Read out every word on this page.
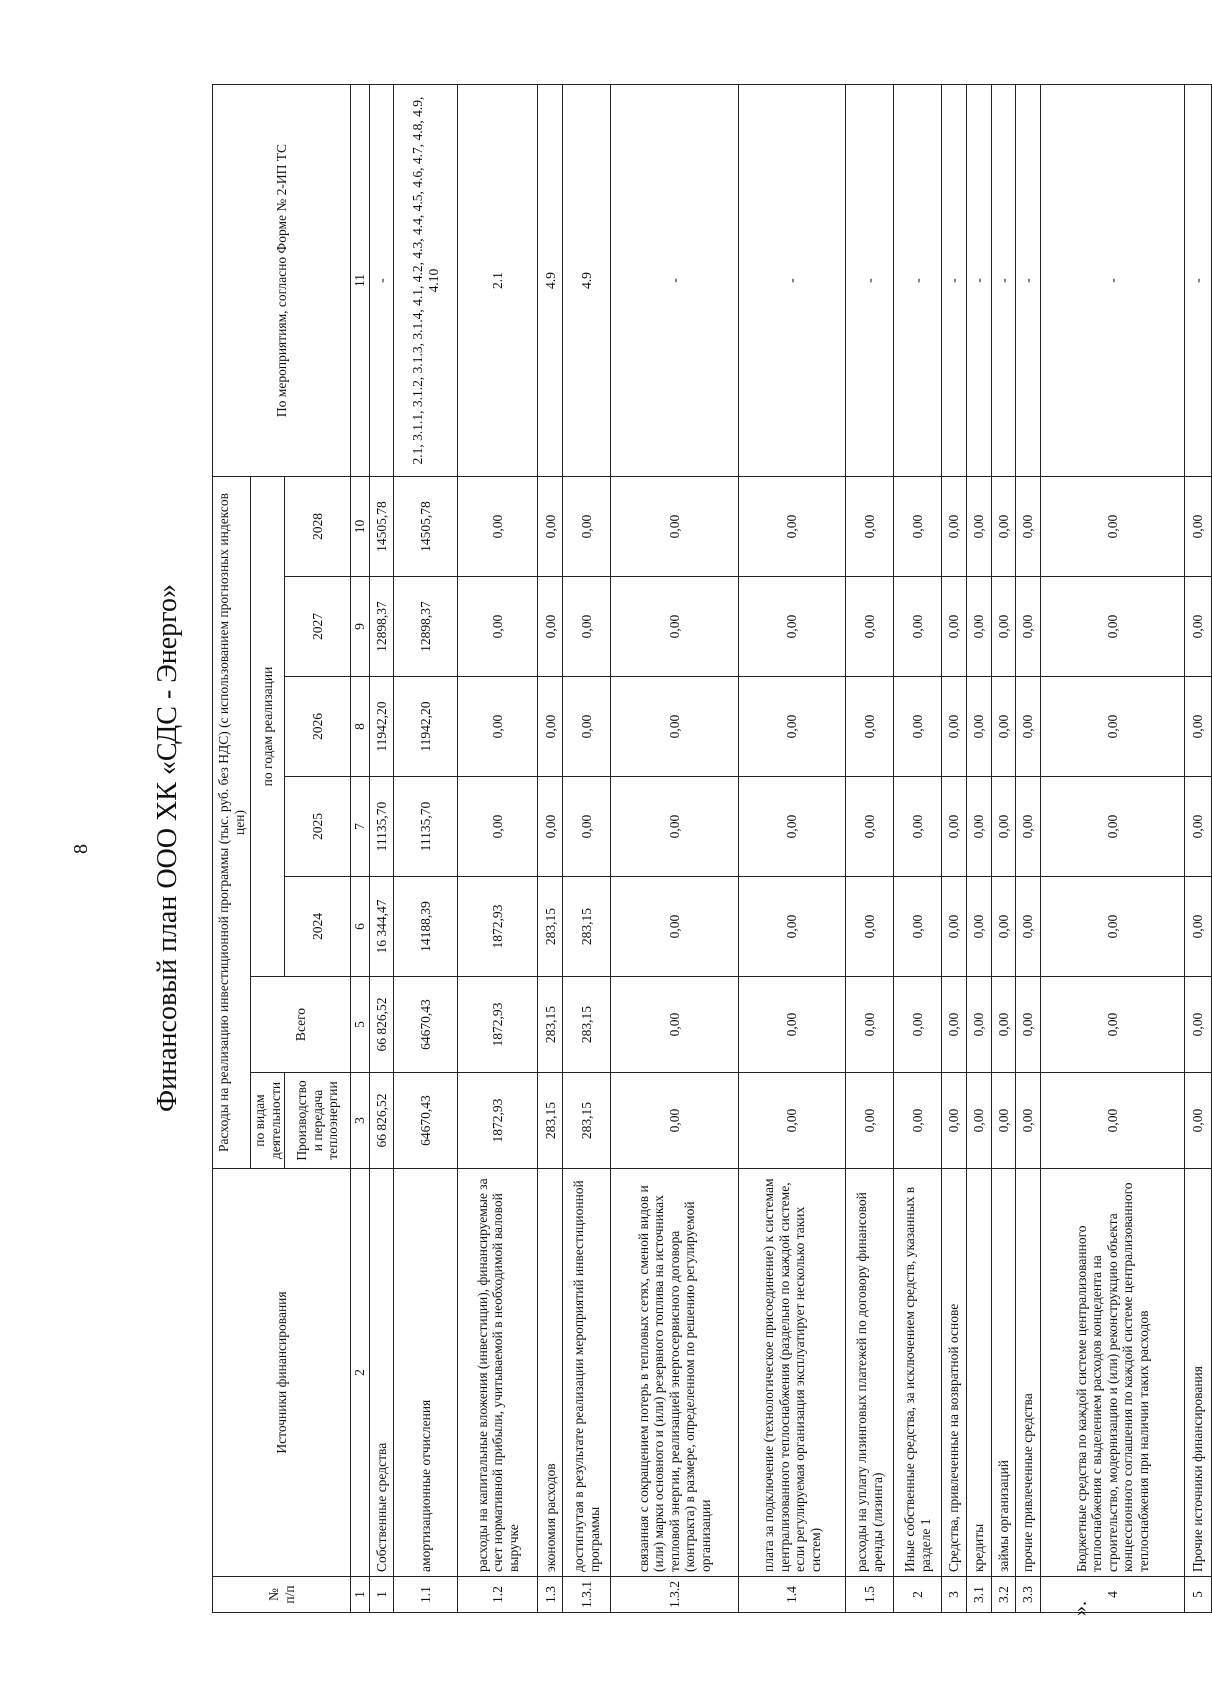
8 Финансовый план ООО ХК «СДС - Энерго»
№ п/п	Источники финансирования	Расходы на реализацию инвестиционной программы (тыс. руб. без НДС) (с использованием прогнозных индексов цен)							По мероприятиям, согласно Форме № 2-ИП ТС
		по видам деятельности	Всего	по годам реализации					
		Производство и передача теплоэнергии		2024	2025	2026	2027	2028	
1	2	3	5	6	7	8	9	10	11
1	Собственные средства	66 826,52	66 826,52	16 344,47	11135,70	11942,20	12898,37	14505,78	-
1.1	амортизационные отчисления	64670,43	64670,43	14188,39	11135,70	11942,20	12898,37	14505,78	2.1, 3.1.1, 3.1.2, 3.1.3, 3.1.4, 4.1, 4.2, 4.3, 4.4, 4.5, 4.6, 4.7, 4.8, 4.9, 4.10
1.2	расходы на капитальные вложения (инвестиции), финансируемые за счет нормативной прибыли, учитываемой в необходимой валовой выручке	1872,93	1872,93	1872,93	0,00	0,00	0,00	0,00	2.1
1.3	экономия расходов	283,15	283,15	283,15	0,00	0,00	0,00	0,00	4.9
1.3.1	достигнутая в результате реализации мероприятий инвестиционной программы	283,15	283,15	283,15	0,00	0,00	0,00	0,00	4.9
1.3.2	связанная с сокращением потерь в тепловых сетях, сменой видов и (или) марки основного и (или) резервного топлива на источниках тепловой энергии, реализацией энергосервисного договора (контракта) в размере, определенном по решению регулируемой организации	0,00	0,00	0,00	0,00	0,00	0,00	0,00	-
1.4	плата за подключение (технологическое присоединение) к системам централизованного теплоснабжения (раздельно по каждой системе, если регулируемая организация эксплуатирует несколько таких систем)	0,00	0,00	0,00	0,00	0,00	0,00	0,00	-
1.5	расходы на уплату лизинговых платежей по договору финансовой аренды (лизинга)	0,00	0,00	0,00	0,00	0,00	0,00	0,00	-
2	Иные собственные средства, за исключением средств, указанных в разделе 1	0,00	0,00	0,00	0,00	0,00	0,00	0,00	-
3	Средства, привлеченные на возвратной основе	0,00	0,00	0,00	0,00	0,00	0,00	0,00	-
3.1	кредиты	0,00	0,00	0,00	0,00	0,00	0,00	0,00	-
3.2	займы организаций	0,00	0,00	0,00	0,00	0,00	0,00	0,00	-
3.3	прочие привлеченные средства	0,00	0,00	0,00	0,00	0,00	0,00	0,00	-
4	Бюджетные средства по каждой системе централизованного теплоснабжения с выделением расходов концедента на строительство, модернизацию и (или) реконструкцию объекта концессионного соглашения по каждой системе централизованного теплоснабжения при наличии таких расходов	0,00	0,00	0,00	0,00	0,00	0,00	0,00	-
5	Прочие источники финансирования	0,00	0,00	0,00	0,00	0,00	0,00	0,00	-
».
